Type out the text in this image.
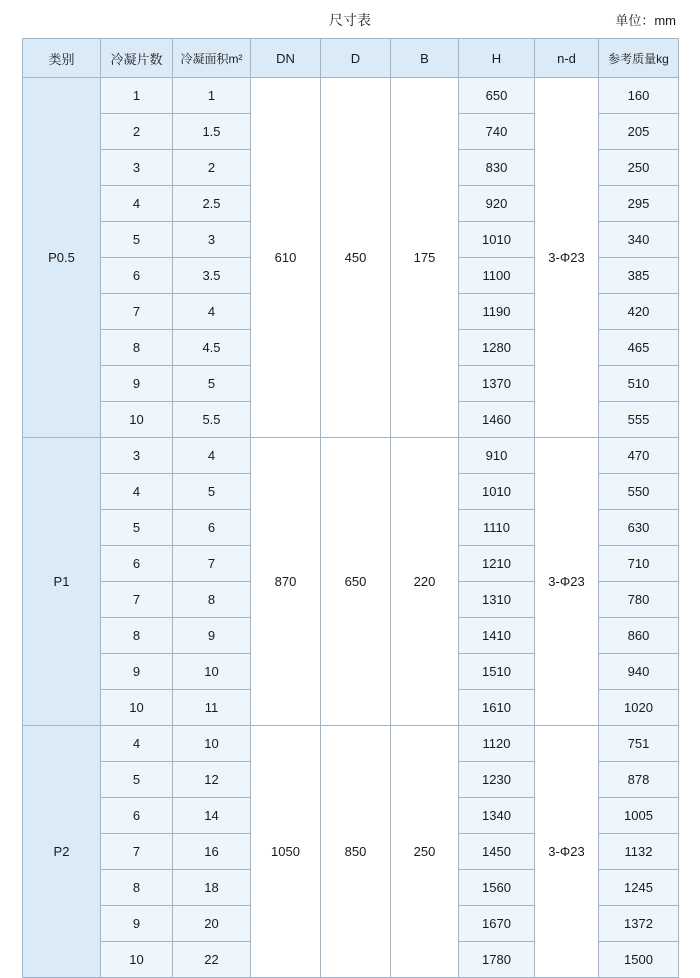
尺寸表	单位：mm
类别	冷凝片数	冷凝面积m²	DN	D	B	H	n-d	参考质量kg
P0.5	1	1	610	450	175	650	3-Φ23	160
	2	1.5				740		205
	3	2				830		250
	4	2.5				920		295
	5	3				1010		340
	6	3.5				1100		385
	7	4				1190		420
	8	4.5				1280		465
	9	5				1370		510
	10	5.5				1460		555
P1	3	4	870	650	220	910	3-Φ23	470
	4	5				1010		550
	5	6				1110		630
	6	7				1210		710
	7	8				1310		780
	8	9				1410		860
	9	10				1510		940
	10	11				1610		1020
P2	4	10	1050	850	250	1120	3-Φ23	751
	5	12				1230		878
	6	14				1340		1005
	7	16				1450		1132
	8	18				1560		1245
	9	20				1670		1372
	10	22				1780		1500
